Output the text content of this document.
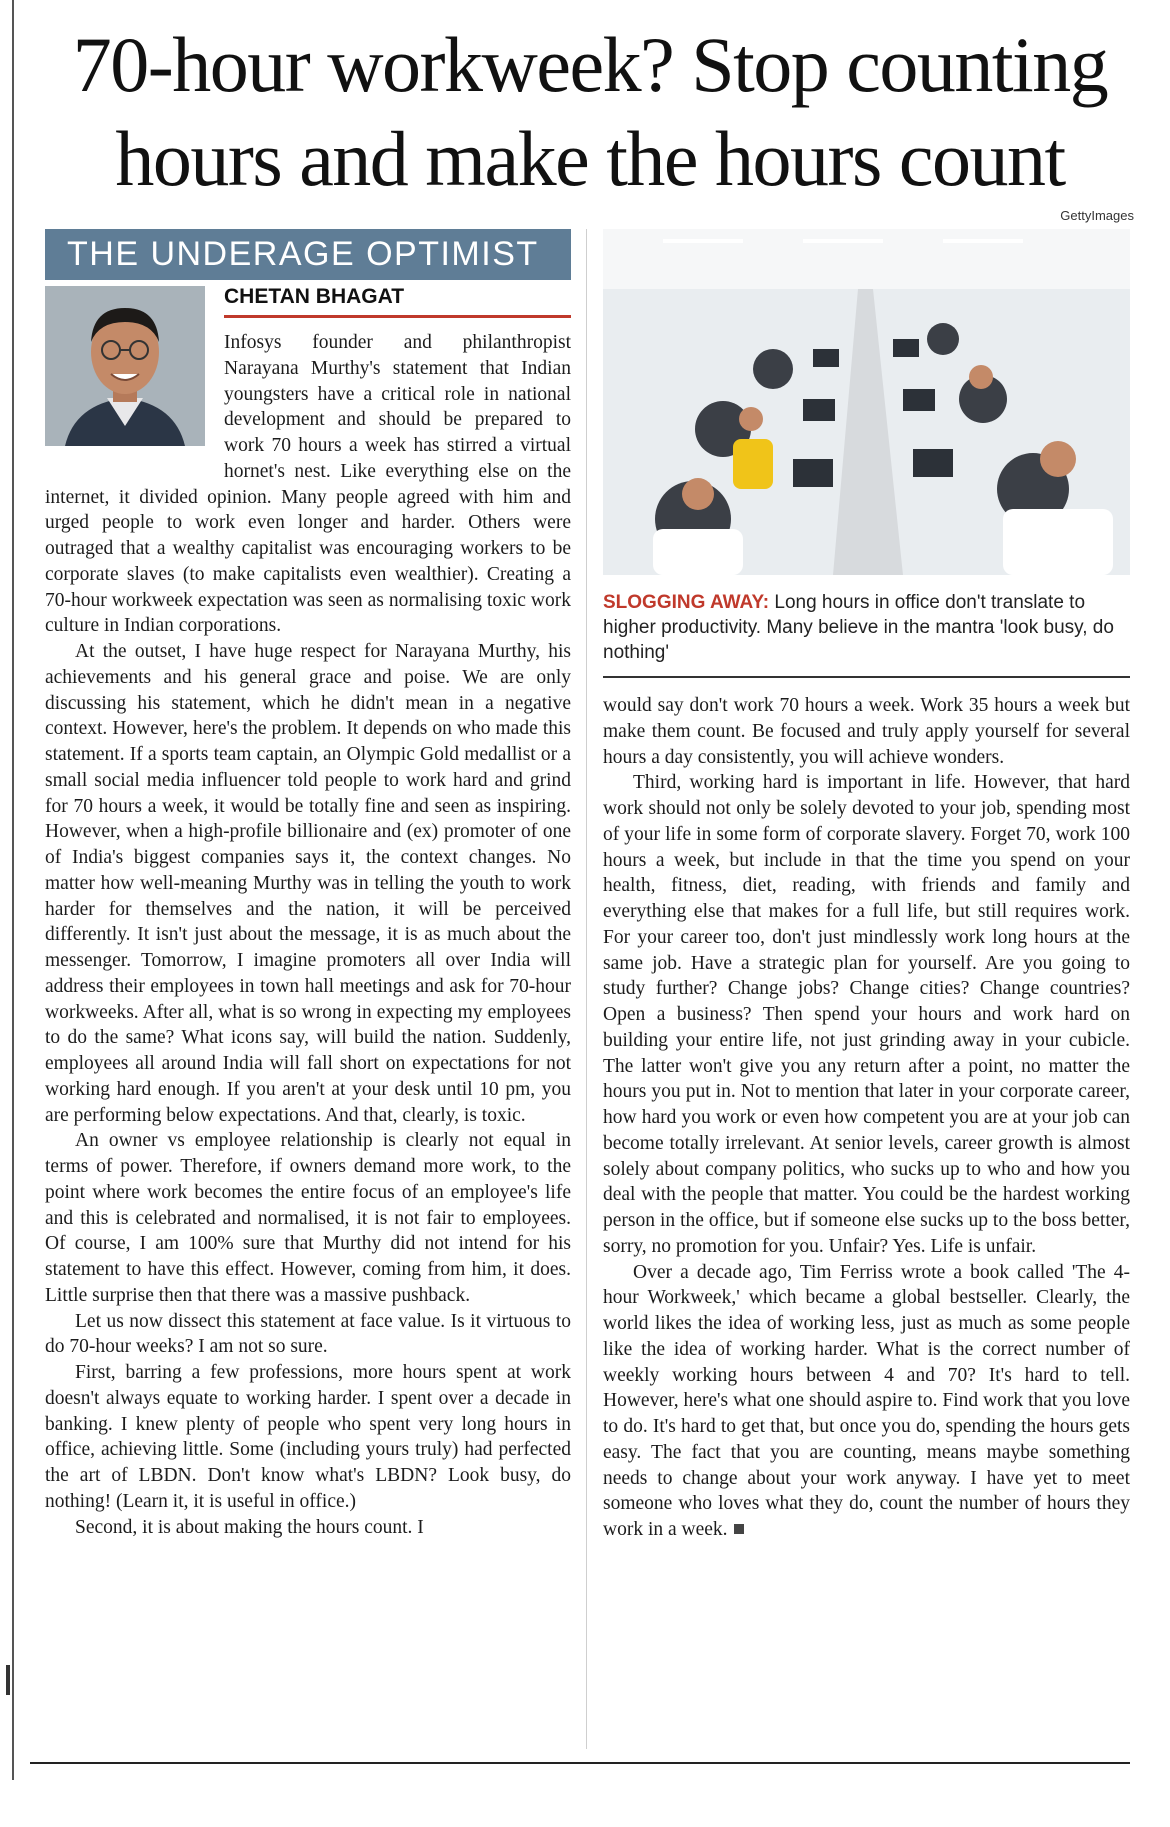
70-hour workweek? Stop counting hours and make the hours count
GettyImages
THE UNDERAGE OPTIMIST
CHETAN BHAGAT

Infosys founder and philanthropist Narayana Murthy's statement that Indian youngsters have a critical role in national development and should be prepared to work 70 hours a week has stirred a virtual hornet's nest. Like everything else on the internet, it divided opinion. Many people agreed with him and urged people to work even longer and harder. Others were outraged that a wealthy capitalist was encouraging workers to be corporate slaves (to make capitalists even wealthier). Creating a 70-hour workweek expectation was seen as normalising toxic work culture in Indian corporations.

At the outset, I have huge respect for Narayana Murthy, his achievements and his general grace and poise. We are only discussing his statement, which he didn't mean in a negative context. However, here's the problem. It depends on who made this statement. If a sports team captain, an Olympic Gold medallist or a small social media influencer told people to work hard and grind for 70 hours a week, it would be totally fine and seen as inspiring. However, when a high-profile billionaire and (ex) promoter of one of India's biggest companies says it, the context changes. No matter how well-meaning Murthy was in telling the youth to work harder for themselves and the nation, it will be perceived differently. It isn't just about the message, it is as much about the messenger. Tomorrow, I imagine promoters all over India will address their employees in town hall meetings and ask for 70-hour workweeks. After all, what is so wrong in expecting my employees to do the same? What icons say, will build the nation. Suddenly, employees all around India will fall short on expectations for not working hard enough. If you aren't at your desk until 10 pm, you are performing below expectations. And that, clearly, is toxic.

An owner vs employee relationship is clearly not equal in terms of power. Therefore, if owners demand more work, to the point where work becomes the entire focus of an employee's life and this is celebrated and normalised, it is not fair to employees. Of course, I am 100% sure that Murthy did not intend for his statement to have this effect. However, coming from him, it does. Little surprise then that there was a massive pushback.

Let us now dissect this statement at face value. Is it virtuous to do 70-hour weeks? I am not so sure.

First, barring a few professions, more hours spent at work doesn't always equate to working harder. I spent over a decade in banking. I knew plenty of people who spent very long hours in office, achieving little. Some (including yours truly) had perfected the art of LBDN. Don't know what's LBDN? Look busy, do nothing! (Learn it, it is useful in office.)

Second, it is about making the hours count. I

SLOGGING AWAY: Long hours in office don't translate to higher productivity. Many believe in the mantra 'look busy, do nothing'

would say don't work 70 hours a week. Work 35 hours a week but make them count. Be focused and truly apply yourself for several hours a day consistently, you will achieve wonders.

Third, working hard is important in life. However, that hard work should not only be solely devoted to your job, spending most of your life in some form of corporate slavery. Forget 70, work 100 hours a week, but include in that the time you spend on your health, fitness, diet, reading, with friends and family and everything else that makes for a full life, but still requires work. For your career too, don't just mindlessly work long hours at the same job. Have a strategic plan for yourself. Are you going to study further? Change jobs? Change cities? Change countries? Open a business? Then spend your hours and work hard on building your entire life, not just grinding away in your cubicle. The latter won't give you any return after a point, no matter the hours you put in. Not to mention that later in your corporate career, how hard you work or even how competent you are at your job can become totally irrelevant. At senior levels, career growth is almost solely about company politics, who sucks up to who and how you deal with the people that matter. You could be the hardest working person in the office, but if someone else sucks up to the boss better, sorry, no promotion for you. Unfair? Yes. Life is unfair.

Over a decade ago, Tim Ferriss wrote a book called 'The 4-hour Workweek,' which became a global bestseller. Clearly, the world likes the idea of working less, just as much as some people like the idea of working harder. What is the correct number of weekly working hours between 4 and 70? It's hard to tell. However, here's what one should aspire to. Find work that you love to do. It's hard to get that, but once you do, spending the hours gets easy. The fact that you are counting, means maybe something needs to change about your work anyway. I have yet to meet someone who loves what they do, count the number of hours they work in a week.
